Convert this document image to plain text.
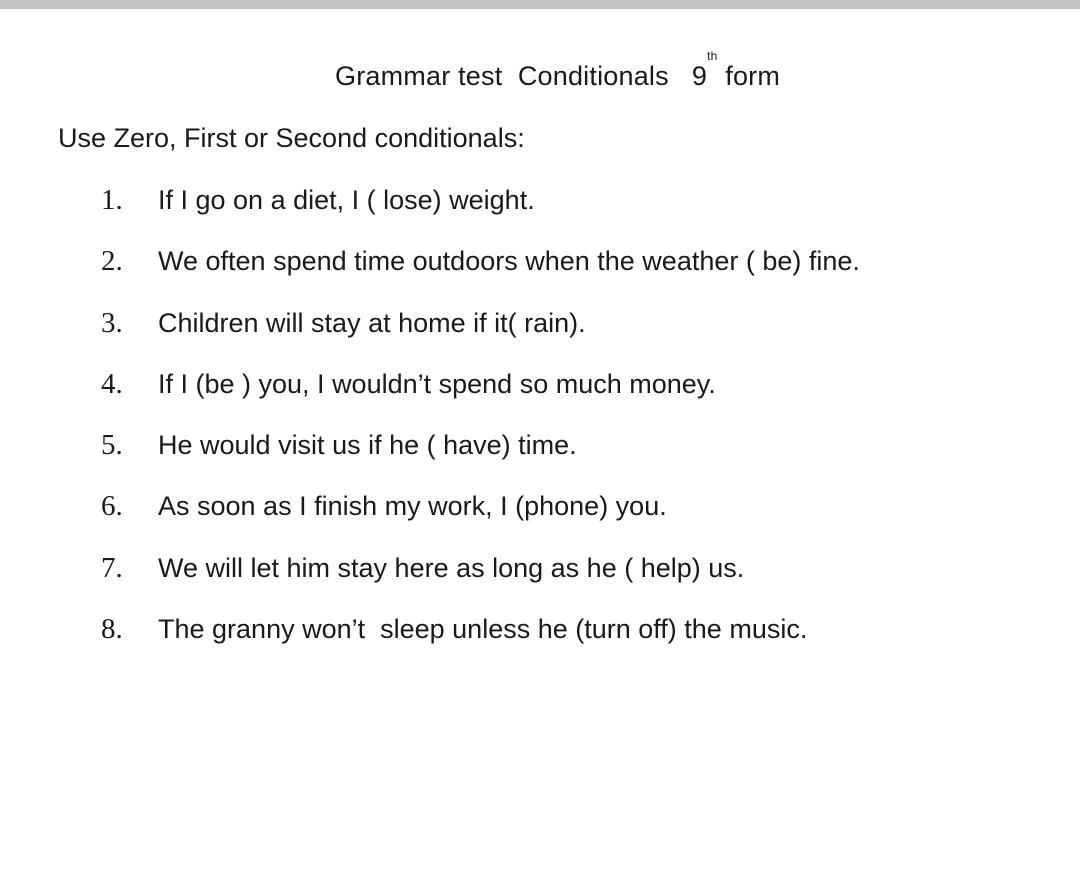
Grammar test  Conditionals   9th form
Use Zero, First or Second conditionals:
1. If I go on a diet, I ( lose) weight.
2. We often spend time outdoors when the weather ( be) fine.
3. Children will stay at home if it( rain).
4. If I (be ) you, I wouldn’t spend so much money.
5. He would visit us if he ( have) time.
6. As soon as I finish my work, I (phone) you.
7. We will let him stay here as long as he ( help) us.
8. The granny won’t  sleep unless he (turn off) the music.
